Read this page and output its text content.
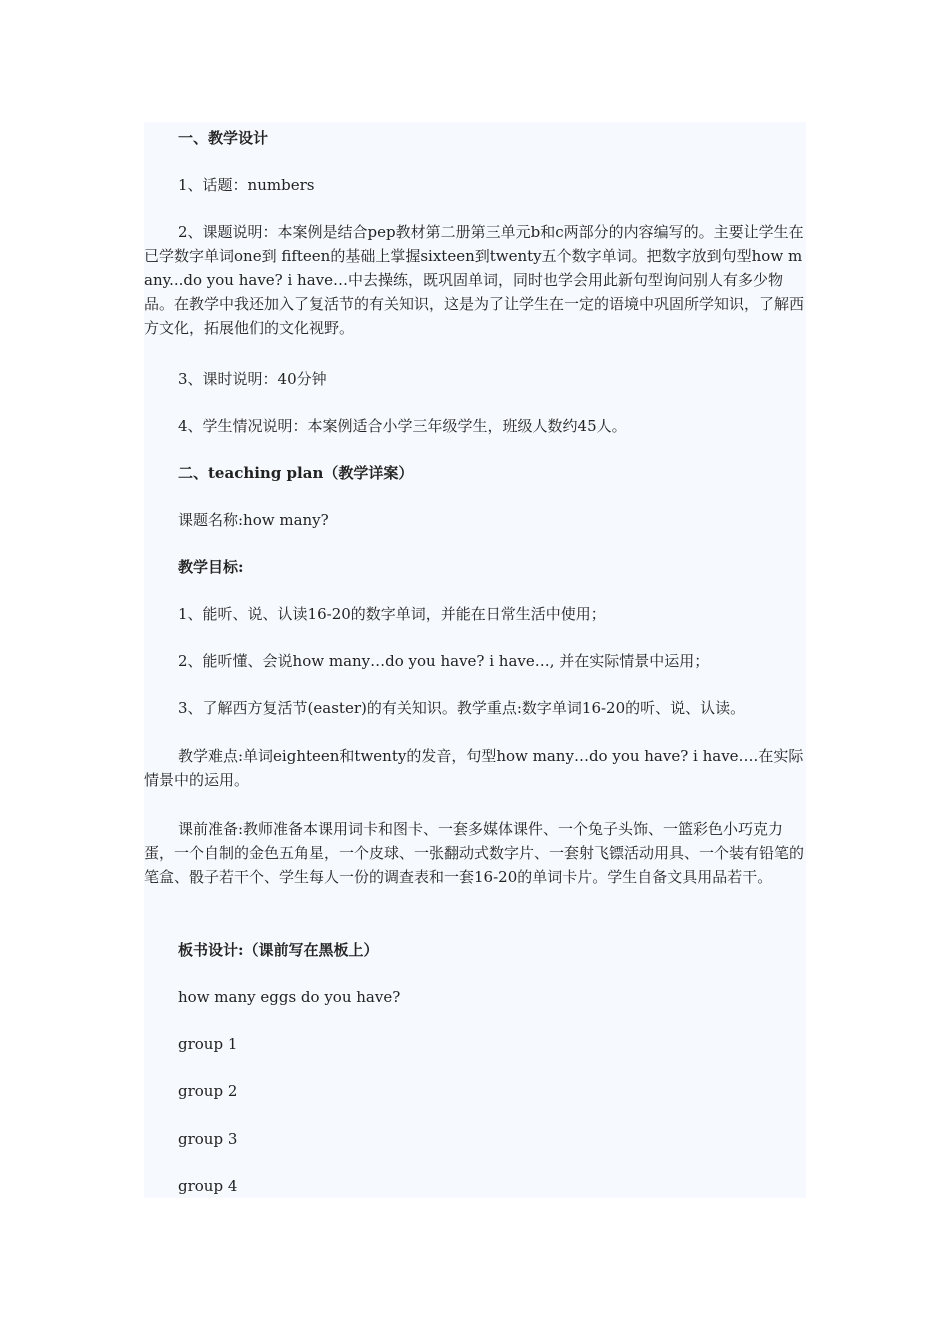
一、教学设计

1、话题：numbers

2、课题说明：本案例是结合pep教材第二册第三单元b和c两部分的内容编写的。主要让学生在已学数字单词one到 fifteen的基础上掌握sixteen到twenty五个数字单词。把数字放到句型how many...do you have? i have…中去操练，既巩固单词，同时也学会用此新句型询问别人有多少物品。在教学中我还加入了复活节的有关知识，这是为了让学生在一定的语境中巩固所学知识，了解西方文化，拓展他们的文化视野。

3、课时说明：40分钟

4、学生情况说明：本案例适合小学三年级学生，班级人数约45人。

二、teaching plan（教学详案）

课题名称:how many?

教学目标:

1、能听、说、认读16-20的数字单词，并能在日常生活中使用；

2、能听懂、会说how many…do you have? i have…, 并在实际情景中运用；

3、了解西方复活节(easter)的有关知识。教学重点:数字单词16-20的听、说、认读。

教学难点:单词eighteen和twenty的发音，句型how many…do you have? i have….在实际情景中的运用。

课前准备:教师准备本课用词卡和图卡、一套多媒体课件、一个兔子头饰、一篮彩色小巧克力蛋，一个自制的金色五角星，一个皮球、一张翻动式数字片、一套射飞镖活动用具、一个装有铅笔的笔盒、骰子若干个、学生每人一份的调查表和一套16-20的单词卡片。学生自备文具用品若干。

板书设计:（课前写在黑板上）

how many eggs do you have?

group 1

group 2

group 3

group 4
